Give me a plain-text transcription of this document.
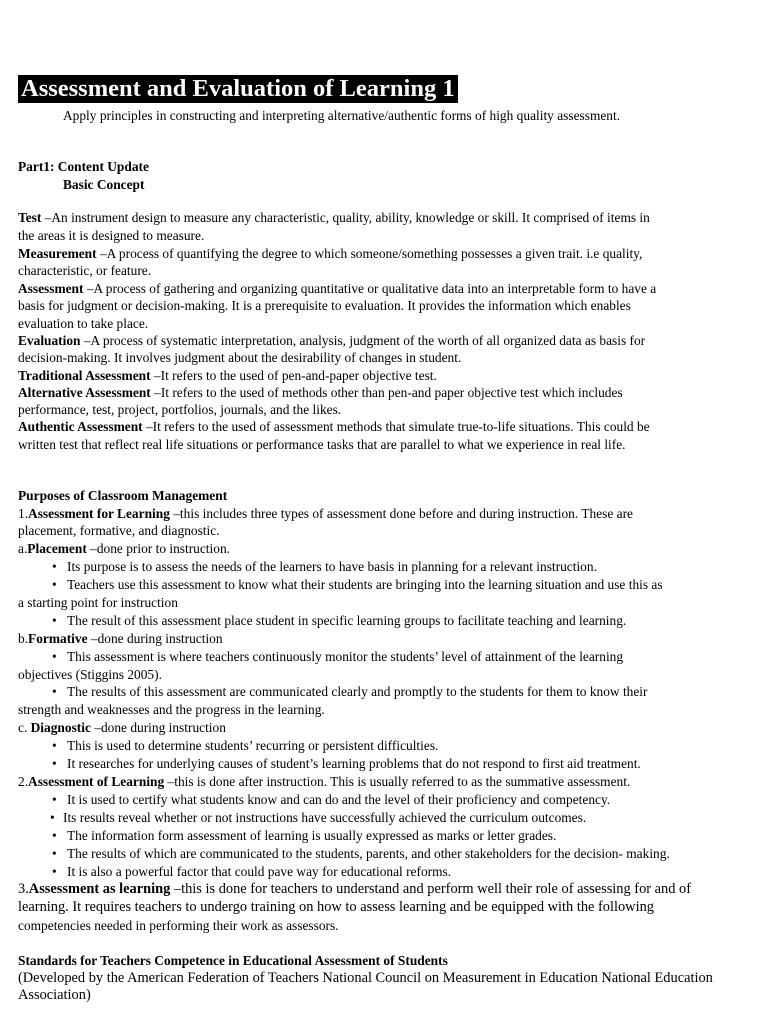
Assessment and Evaluation of Learning 1

Apply principles in constructing and interpreting alternative/authentic forms of high quality assessment.

Part1: Content Update

Basic Concept

Test –An instrument design to measure any characteristic, quality, ability, knowledge or skill. It comprised of items in

the areas it is designed to measure.

Measurement –A process of quantifying the degree to which someone/something possesses a given trait. i.e quality,

characteristic, or feature.

Assessment –A process of gathering and organizing quantitative or qualitative data into an interpretable form to have a

basis for judgment or decision-making. It is a prerequisite to evaluation. It provides the information which enables

evaluation to take place.

Evaluation –A process of systematic interpretation, analysis, judgment of the worth of all organized data as basis for

decision-making. It involves judgment about the desirability of changes in student.

Traditional Assessment –It refers to the used of pen-and-paper objective test.

Alternative Assessment –It refers to the used of methods other than pen-and paper objective test which includes

performance, test, project, portfolios, journals, and the likes.

Authentic Assessment –It refers to the used of assessment methods that simulate true-to-life situations. This could be

written test that reflect real life situations or performance tasks that are parallel to what we experience in real life.

Purposes of Classroom Management

1.Assessment for Learning –this includes three types of assessment done before and during instruction. These are

placement, formative, and diagnostic.

a.Placement –done prior to instruction.

• Its purpose is to assess the needs of the learners to have basis in planning for a relevant instruction.
• Teachers use this assessment to know what their students are bringing into the learning situation and use this as

a starting point for instruction

• The result of this assessment place student in specific learning groups to facilitate teaching and learning.

b.Formative –done during instruction

• This assessment is where teachers continuously monitor the students’ level of attainment of the learning

objectives (Stiggins 2005).

• The results of this assessment are communicated clearly and promptly to the students for them to know their

strength and weaknesses and the progress in the learning.

c. Diagnostic –done during instruction

• This is used to determine students’ recurring or persistent difficulties.
• It researches for underlying causes of student’s learning problems that do not respond to first aid treatment.

2.Assessment of Learning –this is done after instruction. This is usually referred to as the summative assessment.

• It is used to certify what students know and can do and the level of their proficiency and competency.
• Its results reveal whether or not instructions have successfully achieved the curriculum outcomes.
• The information form assessment of learning is usually expressed as marks or letter grades.
• The results of which are communicated to the students, parents, and other stakeholders for the decision- making.
• It is also a powerful factor that could pave way for educational reforms.

3.Assessment as learning –this is done for teachers to understand and perform well their role of assessing for and of

learning. It requires teachers to undergo training on how to assess learning and be equipped with the following

competencies needed in performing their work as assessors.

Standards for Teachers Competence in Educational Assessment of Students

(Developed by the American Federation of Teachers National Council on Measurement in Education National Education

Association)
